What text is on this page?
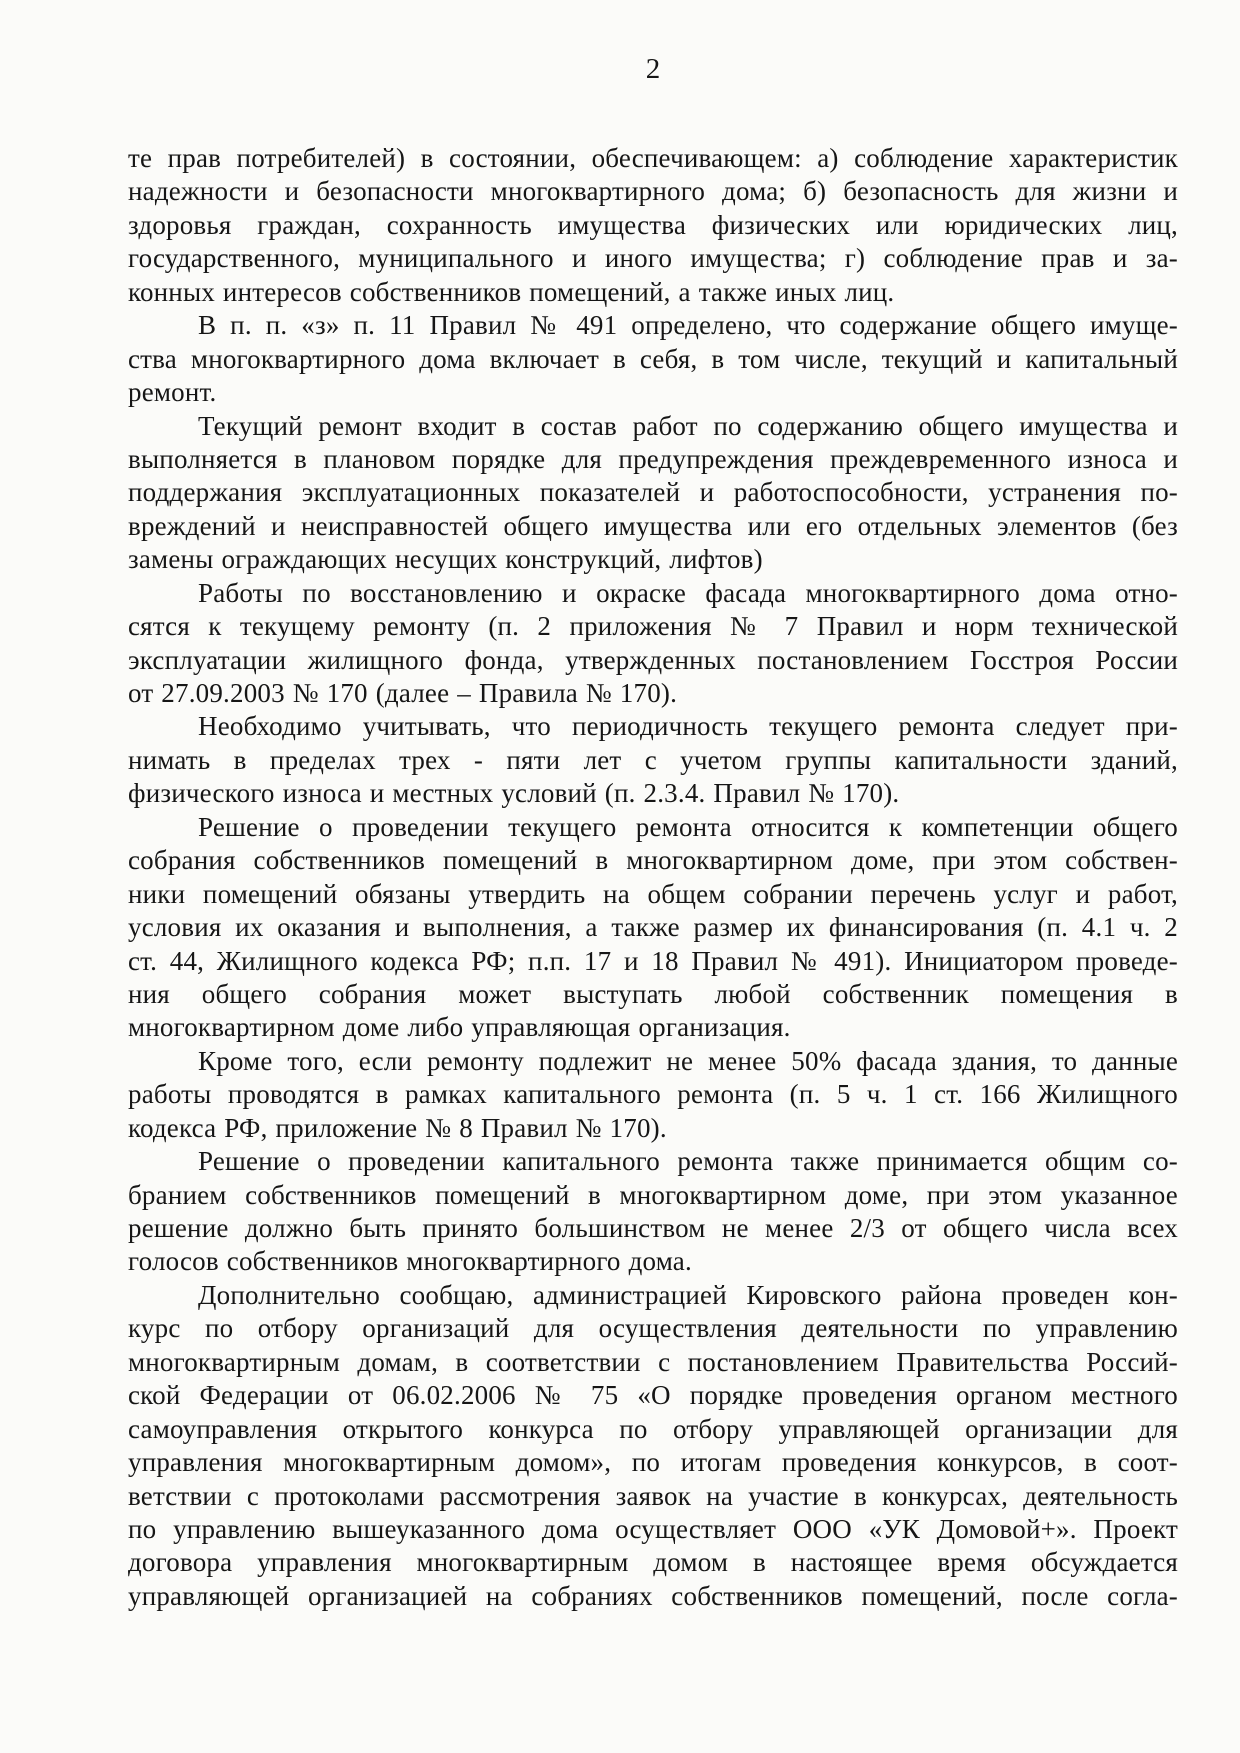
2
те прав потребителей) в состоянии, обеспечивающем: а) соблюдение характеристик
надежности и безопасности многоквартирного дома; б) безопасность для жизни и
здоровья граждан, сохранность имущества физических или юридических лиц,
государственного, муниципального и иного имущества; г) соблюдение прав и за-
конных интересов собственников помещений, а также иных лиц.
В п. п. «з» п. 11 Правил № 491 определено, что содержание общего имуще-
ства многоквартирного дома включает в себя, в том числе, текущий и капитальный
ремонт.
Текущий ремонт входит в состав работ по содержанию общего имущества и
выполняется в плановом порядке для предупреждения преждевременного износа и
поддержания эксплуатационных показателей и работоспособности, устранения по-
вреждений и неисправностей общего имущества или его отдельных элементов (без
замены ограждающих несущих конструкций, лифтов)
Работы по восстановлению и окраске фасада многоквартирного дома отно-
сятся к текущему ремонту (п. 2 приложения № 7 Правил и норм технической
эксплуатации жилищного фонда, утвержденных постановлением Госстроя России
от 27.09.2003 № 170 (далее – Правила № 170).
Необходимо учитывать, что периодичность текущего ремонта следует при-
нимать в пределах трех - пяти лет с учетом группы капитальности зданий,
физического износа и местных условий (п. 2.3.4. Правил № 170).
Решение о проведении текущего ремонта относится к компетенции общего
собрания собственников помещений в многоквартирном доме, при этом собствен-
ники помещений обязаны утвердить на общем собрании перечень услуг и работ,
условия их оказания и выполнения, а также размер их финансирования (п. 4.1 ч. 2
ст. 44, Жилищного кодекса РФ; п.п. 17 и 18 Правил № 491). Инициатором проведе-
ния общего собрания может выступать любой собственник помещения в
многоквартирном доме либо управляющая организация.
Кроме того, если ремонту подлежит не менее 50% фасада здания, то данные
работы проводятся в рамках капитального ремонта (п. 5 ч. 1 ст. 166 Жилищного
кодекса РФ, приложение № 8 Правил № 170).
Решение о проведении капитального ремонта также принимается общим со-
бранием собственников помещений в многоквартирном доме, при этом указанное
решение должно быть принято большинством не менее 2/3 от общего числа всех
голосов собственников многоквартирного дома.
Дополнительно сообщаю, администрацией Кировского района проведен кон-
курс по отбору организаций для осуществления деятельности по управлению
многоквартирным домам, в соответствии с постановлением Правительства Россий-
ской Федерации от 06.02.2006 № 75 «О порядке проведения органом местного
самоуправления открытого конкурса по отбору управляющей организации для
управления многоквартирным домом», по итогам проведения конкурсов, в соот-
ветствии с протоколами рассмотрения заявок на участие в конкурсах, деятельность
по управлению вышеуказанного дома осуществляет ООО «УК Домовой+». Проект
договора управления многоквартирным домом в настоящее время обсуждается
управляющей организацией на собраниях собственников помещений, после согла-
